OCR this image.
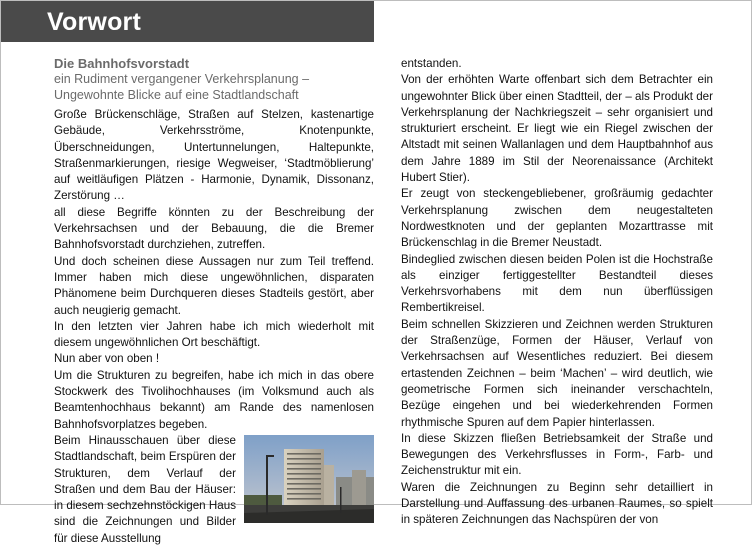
Vorwort
Die Bahnhofsvorstadt
ein Rudiment vergangener Verkehrsplanung –
Ungewohnte Blicke auf eine Stadtlandschaft

Große Brückenschläge, Straßen auf Stelzen, kastenartige Gebäude, Verkehrsströme, Knotenpunkte, Überschneidungen, Untertunnelungen, Haltepunkte, Straßenmarkierungen, riesige Wegweiser, ‘Stadtmöblierung’ auf weitläufigen Plätzen - Harmonie, Dynamik, Dissonanz, Zerstörung …

all diese Begriffe könnten zu der Beschreibung der Verkehrsachsen und der Bebauung, die die Bremer Bahnhofsvorstadt durchziehen, zutreffen.

Und doch scheinen diese Aussagen nur zum Teil treffend. Immer haben mich diese ungewöhnlichen, disparaten Phänomene beim Durchqueren dieses Stadteils gestört, aber auch neugierig gemacht.

In den letzten vier Jahren habe ich mich wiederholt mit diesem ungewöhnlichen Ort beschäftigt.

Nun aber von oben !

Um die Strukturen zu begreifen, habe ich mich in das obere Stockwerk des Tivolihochhauses (im Volksmund auch als Beamtenhochhaus bekannt) am Rande des namenlosen Bahnhofsvorplatzes begeben.

Beim Hinausschauen über diese Stadtlandschaft, beim Erspüren der Strukturen, dem Verlauf der Straßen und dem Bau der Häuser: in diesem sechzehnstöckigen Haus sind die Zeichnungen und Bilder für diese Ausstellung

entstanden.

Von der erhöhten Warte offenbart sich dem Betrachter ein ungewohnter Blick über einen Stadtteil, der – als Produkt der Verkehrsplanung der Nachkriegszeit – sehr organisiert und strukturiert erscheint. Er liegt wie ein Riegel zwischen der Altstadt mit seinen Wallanlagen und dem Hauptbahnhof aus dem Jahre 1889 im Stil der Neorenaissance (Architekt Hubert Stier).

Er zeugt von steckengebliebener, großräumig gedachter Verkehrsplanung zwischen dem neugestalteten Nordwestknoten und der geplanten Mozarttrasse mit Brückenschlag in die Bremer Neustadt.

Bindeglied zwischen diesen beiden Polen ist die Hochstraße als einziger fertiggestellter Bestandteil dieses Verkehrsvorhabens mit dem nun überflüssigen Rembertikreisel.

Beim schnellen Skizzieren und Zeichnen werden Strukturen der Straßenzüge, Formen der Häuser, Verlauf von Verkehrsachsen auf Wesentliches reduziert. Bei diesem ertastenden Zeichnen – beim ‘Machen’ – wird deutlich, wie geometrische Formen sich ineinander verschachteln, Bezüge eingehen und bei wiederkehrenden Formen rhythmische Spuren auf dem Papier hinterlassen.

In diese Skizzen fließen Betriebsamkeit der Straße und Bewegungen des Verkehrsflusses in Form-, Farb- und Zeichenstruktur mit ein.

Waren die Zeichnungen zu Beginn sehr detailliert in Darstellung und Auffassung des urbanen Raumes, so spielt in späteren Zeichnungen das Nachspüren der von
